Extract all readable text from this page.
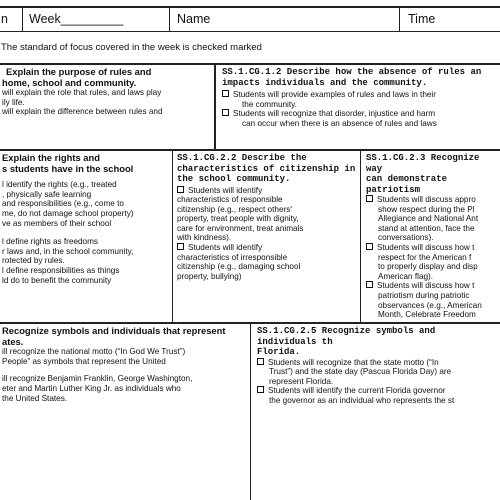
n Week_________	Name	Time
The standard of focus covered in the week is checked marked
Explain the purpose of rules and
home, school and community.
will explain the role that rules, and laws play
ily life.
will explain the difference between rules and
SS.1.CG.1.2 Describe how the absence of rules an
impacts individuals and the community.
Students will provide examples of rules and laws in their
the community.
Students will recognize that disorder, injustice and harm
can occur when there is an absence of rules and laws
Explain the rights and
s students have in the school
l identify the rights (e.g., treated
, physically safe learning
and responsibilities (e.g., come to
me, do not damage school property)
ve as members of their school
l define rights as freedoms
r laws and, in the school community,
rotected by rules.
l define responsibilities as things
ld do to benefit the community
SS.1.CG.2.2 Describe the
characteristics of citizenship in
the school community.
Students will identify
characteristics of responsible
citizenship (e.g., respect others'
property, treat people with dignity,
care for environment, treat animals
with kindness).
Students will identify
characteristics of irresponsible
citizenship (e.g., damaging school
property, bullying)
SS.1.CG.2.3 Recognize way
can demonstrate patriotism
Students will discuss appro
show respect during the Pl
Allegiance and National Ant
stand at attention, face the
conversations).
Students will discuss how t
respect for the American f
to properly display and disp
American flag).
Students will discuss how t
patriotism during patriotic
observances (e.g., American
Month, Celebrate Freedom
Recognize symbols and individuals that represent
ates.
ill recognize the national motto (“In God We Trust”)
People” as symbols that represent the United
ill recognize Benjamin Franklin, George Washington,
eter and Martin Luther King Jr. as individuals who
the United States.
SS.1.CG.2.5 Recognize symbols and individuals th
Florida.
Students will recognize that the state motto (“In
Trust”) and the state day (Pascua Florida Day) are
represent Florida.
Students will identify the current Florida governor
the governor as an individual who represents the st
